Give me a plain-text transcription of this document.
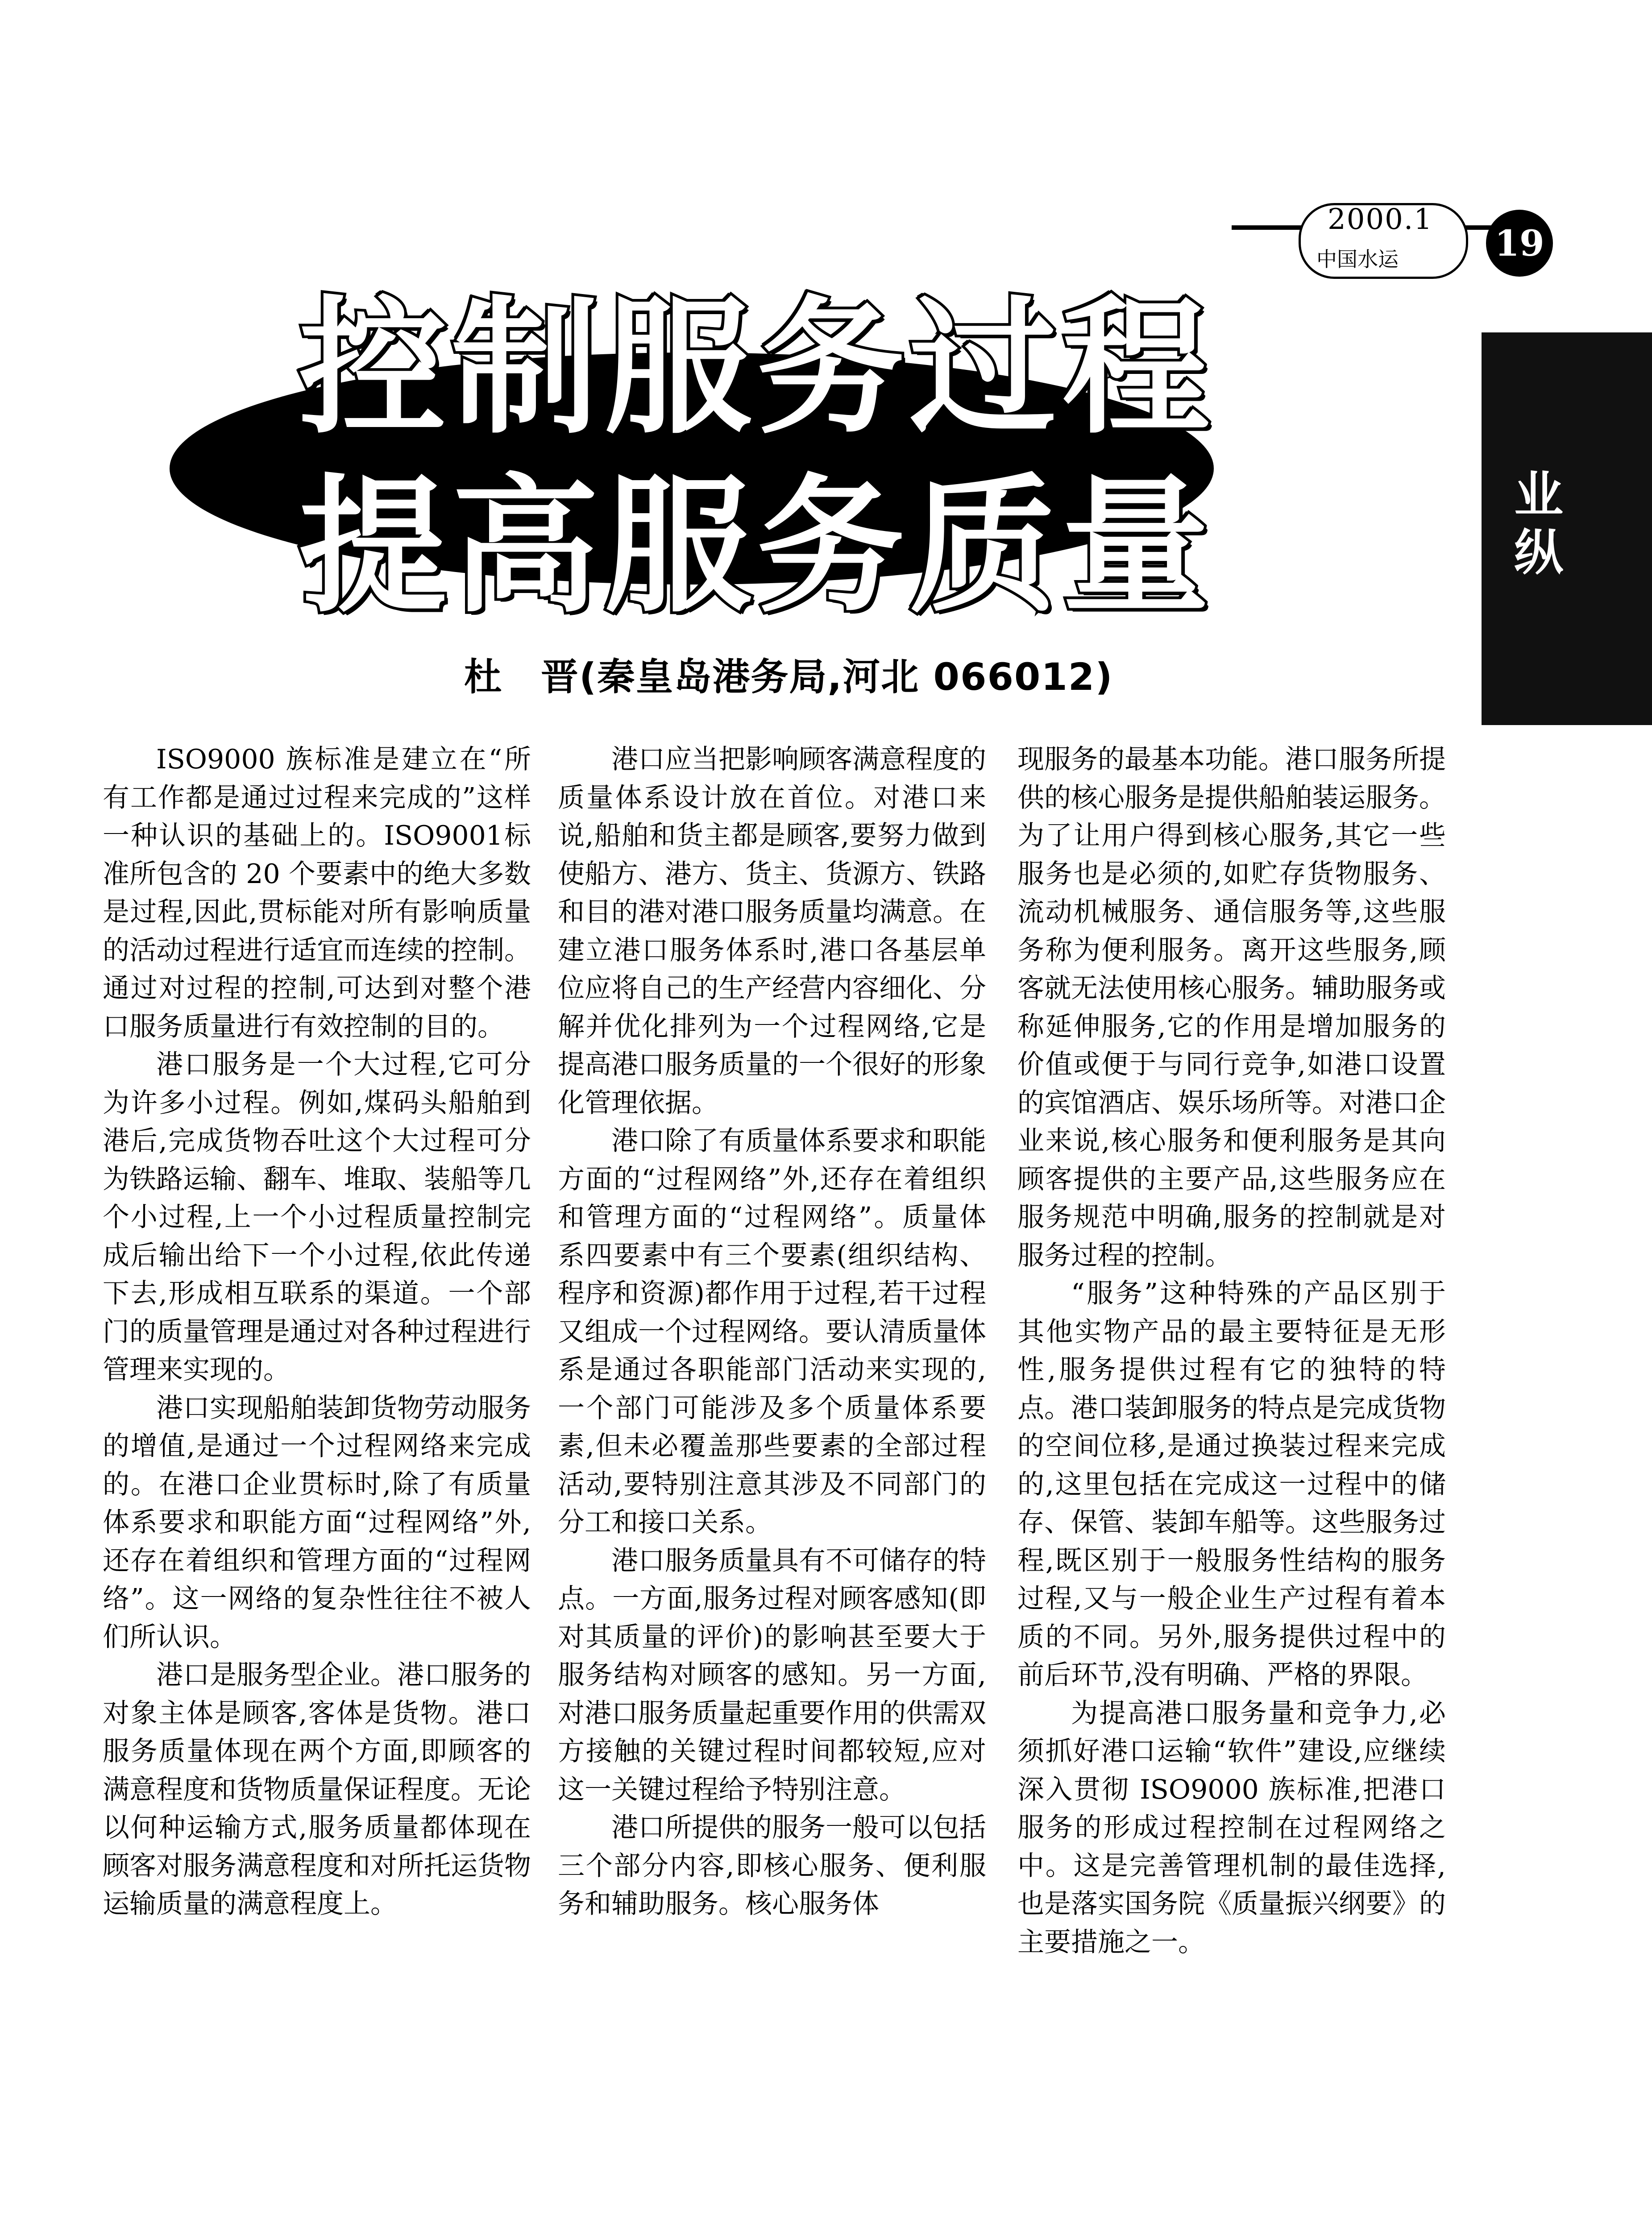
2000.1
中国水运	19
业纵
控制服务过程
提高服务质量
杜　晋(秦皇岛港务局,河北 066012)

ISO9000 族标准是建立在“所有工作都是通过过程来完成的”这样一种认识的基础上的。ISO9001标准所包含的 20 个要素中的绝大多数是过程,因此,贯标能对所有影响质量的活动过程进行适宜而连续的控制。通过对过程的控制,可达到对整个港口服务质量进行有效控制的目的。

港口服务是一个大过程,它可分为许多小过程。例如,煤码头船舶到港后,完成货物吞吐这个大过程可分为铁路运输、翻车、堆取、装船等几个小过程,上一个小过程质量控制完成后输出给下一个小过程,依此传递下去,形成相互联系的渠道。一个部门的质量管理是通过对各种过程进行管理来实现的。

港口实现船舶装卸货物劳动服务的增值,是通过一个过程网络来完成的。在港口企业贯标时,除了有质量体系要求和职能方面“过程网络”外,还存在着组织和管理方面的“过程网络”。这一网络的复杂性往往不被人们所认识。

港口是服务型企业。港口服务的对象主体是顾客,客体是货物。港口服务质量体现在两个方面,即顾客的满意程度和货物质量保证程度。无论以何种运输方式,服务质量都体现在顾客对服务满意程度和对所托运货物运输质量的满意程度上。

港口应当把影响顾客满意程度的质量体系设计放在首位。对港口来说,船舶和货主都是顾客,要努力做到使船方、港方、货主、货源方、铁路和目的港对港口服务质量均满意。在建立港口服务体系时,港口各基层单位应将自己的生产经营内容细化、分解并优化排列为一个过程网络,它是提高港口服务质量的一个很好的形象化管理依据。

港口除了有质量体系要求和职能方面的“过程网络”外,还存在着组织和管理方面的“过程网络”。质量体系四要素中有三个要素(组织结构、程序和资源)都作用于过程,若干过程又组成一个过程网络。要认清质量体系是通过各职能部门活动来实现的,一个部门可能涉及多个质量体系要素,但未必覆盖那些要素的全部过程活动,要特别注意其涉及不同部门的分工和接口关系。

港口服务质量具有不可储存的特点。一方面,服务过程对顾客感知(即对其质量的评价)的影响甚至要大于服务结构对顾客的感知。另一方面,对港口服务质量起重要作用的供需双方接触的关键过程时间都较短,应对这一关键过程给予特别注意。

港口所提供的服务一般可以包括三个部分内容,即核心服务、便利服务和辅助服务。核心服务体

现服务的最基本功能。港口服务所提供的核心服务是提供船舶装运服务。为了让用户得到核心服务,其它一些服务也是必须的,如贮存货物服务、流动机械服务、通信服务等,这些服务称为便利服务。离开这些服务,顾客就无法使用核心服务。辅助服务或称延伸服务,它的作用是增加服务的价值或便于与同行竞争,如港口设置的宾馆酒店、娱乐场所等。对港口企业来说,核心服务和便利服务是其向顾客提供的主要产品,这些服务应在服务规范中明确,服务的控制就是对服务过程的控制。

“服务”这种特殊的产品区别于其他实物产品的最主要特征是无形性,服务提供过程有它的独特的特点。港口装卸服务的特点是完成货物的空间位移,是通过换装过程来完成的,这里包括在完成这一过程中的储存、保管、装卸车船等。这些服务过程,既区别于一般服务性结构的服务过程,又与一般企业生产过程有着本质的不同。另外,服务提供过程中的前后环节,没有明确、严格的界限。

为提高港口服务量和竞争力,必须抓好港口运输“软件”建设,应继续深入贯彻 ISO9000 族标准,把港口服务的形成过程控制在过程网络之中。这是完善管理机制的最佳选择,也是落实国务院《质量振兴纲要》的主要措施之一。
